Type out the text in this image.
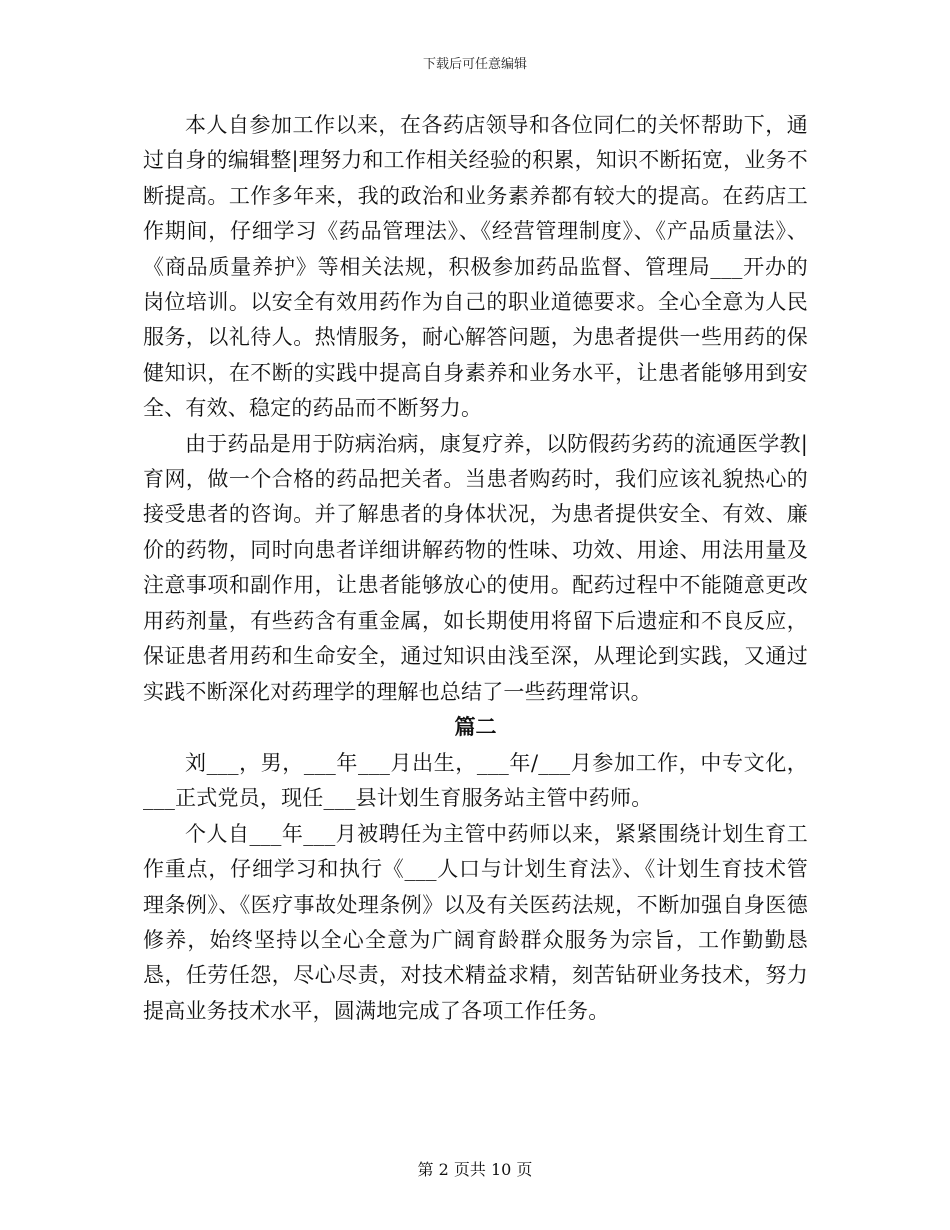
下载后可任意编辑

本人自参加工作以来，在各药店领导和各位同仁的关怀帮助下，通过自身的编辑整|理努力和工作相关经验的积累，知识不断拓宽，业务不断提高。工作多年来，我的政治和业务素养都有较大的提高。在药店工作期间，仔细学习《药品管理法》、《经营管理制度》、《产品质量法》、《商品质量养护》等相关法规，积极参加药品监督、管理局___开办的岗位培训。以安全有效用药作为自己的职业道德要求。全心全意为人民服务，以礼待人。热情服务，耐心解答问题，为患者提供一些用药的保健知识，在不断的实践中提高自身素养和业务水平，让患者能够用到安全、有效、稳定的药品而不断努力。

由于药品是用于防病治病，康复疗养，以防假药劣药的流通医学教|育网，做一个合格的药品把关者。当患者购药时，我们应该礼貌热心的接受患者的咨询。并了解患者的身体状况，为患者提供安全、有效、廉价的药物，同时向患者详细讲解药物的性味、功效、用途、用法用量及注意事项和副作用，让患者能够放心的使用。配药过程中不能随意更改用药剂量，有些药含有重金属，如长期使用将留下后遗症和不良反应，保证患者用药和生命安全，通过知识由浅至深，从理论到实践，又通过实践不断深化对药理学的理解也总结了一些药理常识。

篇二

刘___，男，___年___月出生，___年/___月参加工作，中专文化，___正式党员，现任___县计划生育服务站主管中药师。

个人自___年___月被聘任为主管中药师以来，紧紧围绕计划生育工作重点，仔细学习和执行《___人口与计划生育法》、《计划生育技术管理条例》、《医疗事故处理条例》以及有关医药法规，不断加强自身医德修养，始终坚持以全心全意为广阔育龄群众服务为宗旨，工作勤勤恳恳，任劳任怨，尽心尽责，对技术精益求精，刻苦钻研业务技术，努力提高业务技术水平，圆满地完成了各项工作任务。

第 2 页共 10 页
